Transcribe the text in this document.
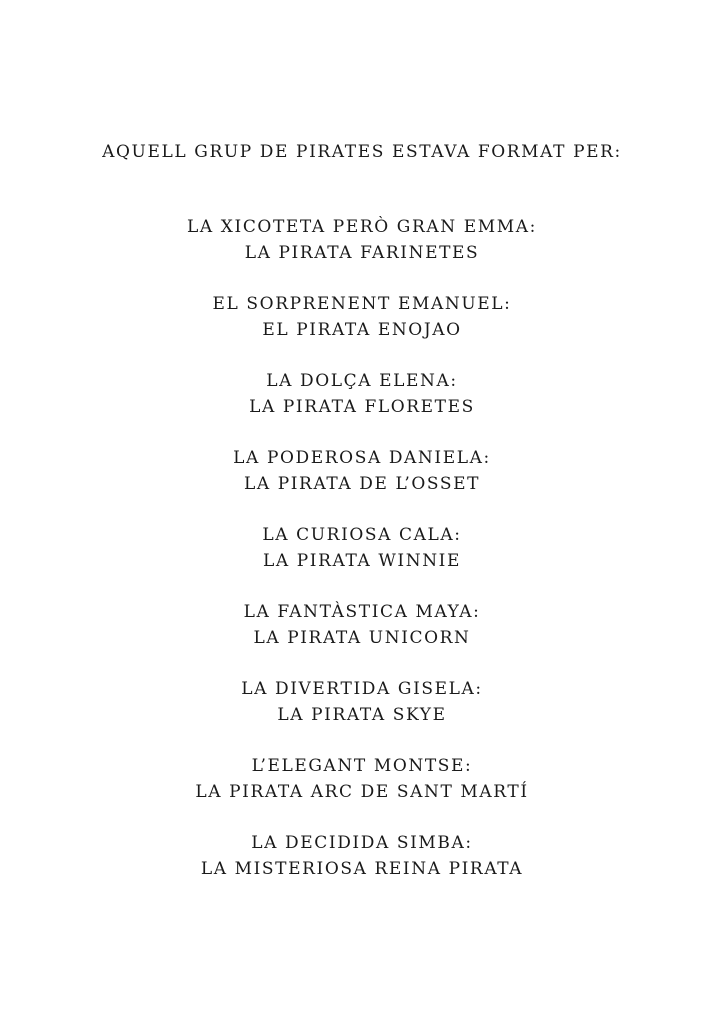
AQUELL GRUP DE PIRATES ESTAVA FORMAT PER:
LA XICOTETA PERÒ GRAN EMMA:
LA PIRATA FARINETES
EL SORPRENENT EMANUEL:
EL PIRATA ENOJAO
LA DOLÇA ELENA:
LA PIRATA FLORETES
LA PODEROSA DANIELA:
LA PIRATA DE L’OSSET
LA CURIOSA CALA:
LA PIRATA WINNIE
LA FANTÀSTICA MAYA:
LA PIRATA UNICORN
LA DIVERTIDA GISELA:
LA PIRATA SKYE
L’ELEGANT MONTSE:
LA PIRATA ARC DE SANT MARTÍ
LA DECIDIDA SIMBA:
LA MISTERIOSA REINA PIRATA
